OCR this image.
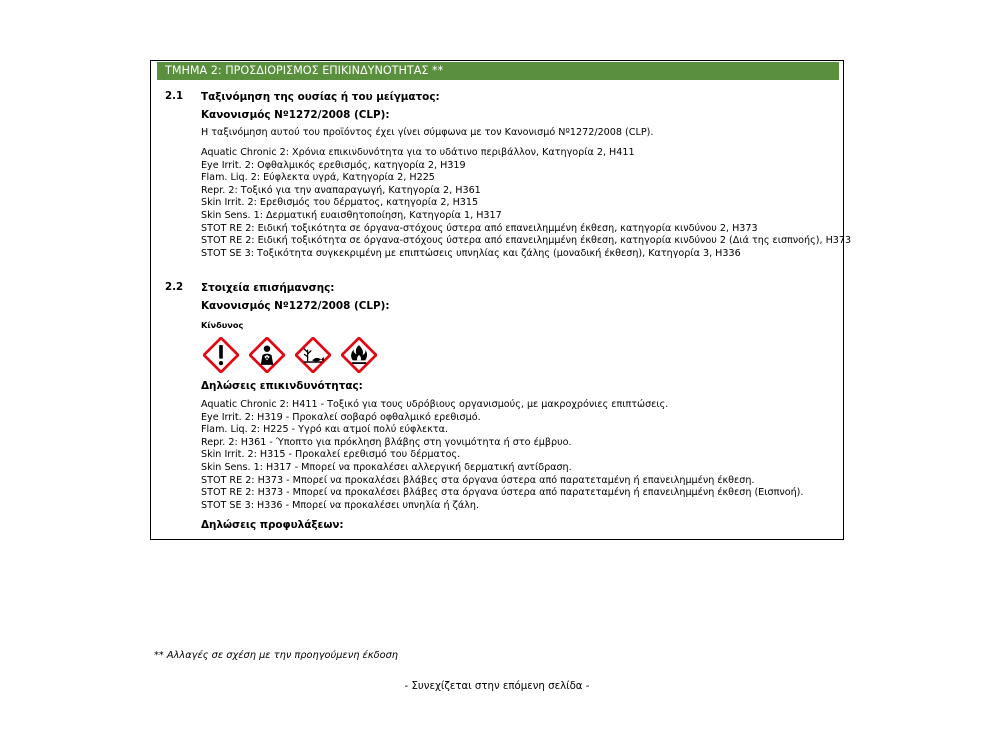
ΤΜΗΜΑ 2: ΠΡΟΣΔΙΟΡΙΣΜΟΣ ΕΠΙΚΙΝΔΥΝΟΤΗΤΑΣ **
2.1 Ταξινόμηση της ουσίας ή του μείγματος:
Κανονισμός Nº1272/2008 (CLP):
Η ταξινόμηση αυτού του προϊόντος έχει γίνει σύμφωνα με τον Κανονισμό Nº1272/2008 (CLP).
Aquatic Chronic 2: Χρόνια επικινδυνότητα για το υδάτινο περιβάλλον, Κατηγορία 2, H411
Eye Irrit. 2: Οφθαλμικός ερεθισμός, κατηγορία 2, H319
Flam. Liq. 2: Εύφλεκτα υγρά, Κατηγορία 2, H225
Repr. 2: Τοξικό για την αναπαραγωγή, Κατηγορία 2, H361
Skin Irrit. 2: Ερεθισμός του δέρματος, κατηγορία 2, H315
Skin Sens. 1: Δερματική ευαισθητοποίηση, Κατηγορία 1, H317
STOT RE 2: Ειδική τοξικότητα σε όργανα-στόχους ύστερα από επανειλημμένη έκθεση, κατηγορία κινδύνου 2, H373
STOT RE 2: Ειδική τοξικότητα σε όργανα-στόχους ύστερα από επανειλημμένη έκθεση, κατηγορία κινδύνου 2 (Διά της εισπνοής), H373
STOT SE 3: Τοξικότητα συγκεκριμένη με επιπτώσεις υπνηλίας και ζάλης (μοναδική έκθεση), Κατηγορία 3, H336
2.2 Στοιχεία επισήμανσης:
Κανονισμός Nº1272/2008 (CLP):
Κίνδυνος
Δηλώσεις επικινδυνότητας:
Aquatic Chronic 2: H411 - Τοξικό για τους υδρόβιους οργανισμούς, με μακροχρόνιες επιπτώσεις.
Eye Irrit. 2: H319 - Προκαλεί σοβαρό οφθαλμικό ερεθισμό.
Flam. Liq. 2: H225 - Υγρό και ατμοί πολύ εύφλεκτα.
Repr. 2: H361 - Ύποπτο για πρόκληση βλάβης στη γονιμότητα ή στο έμβρυο.
Skin Irrit. 2: H315 - Προκαλεί ερεθισμό του δέρματος.
Skin Sens. 1: H317 - Μπορεί να προκαλέσει αλλεργική δερματική αντίδραση.
STOT RE 2: H373 - Μπορεί να προκαλέσει βλάβες στα όργανα ύστερα από παρατεταμένη ή επανειλημμένη έκθεση.
STOT RE 2: H373 - Μπορεί να προκαλέσει βλάβες στα όργανα ύστερα από παρατεταμένη ή επανειλημμένη έκθεση (Εισπνοή).
STOT SE 3: H336 - Μπορεί να προκαλέσει υπνηλία ή ζάλη.
Δηλώσεις προφυλάξεων:
** Αλλαγές σε σχέση με την προηγούμενη έκδοση
- Συνεχίζεται στην επόμενη σελίδα -
